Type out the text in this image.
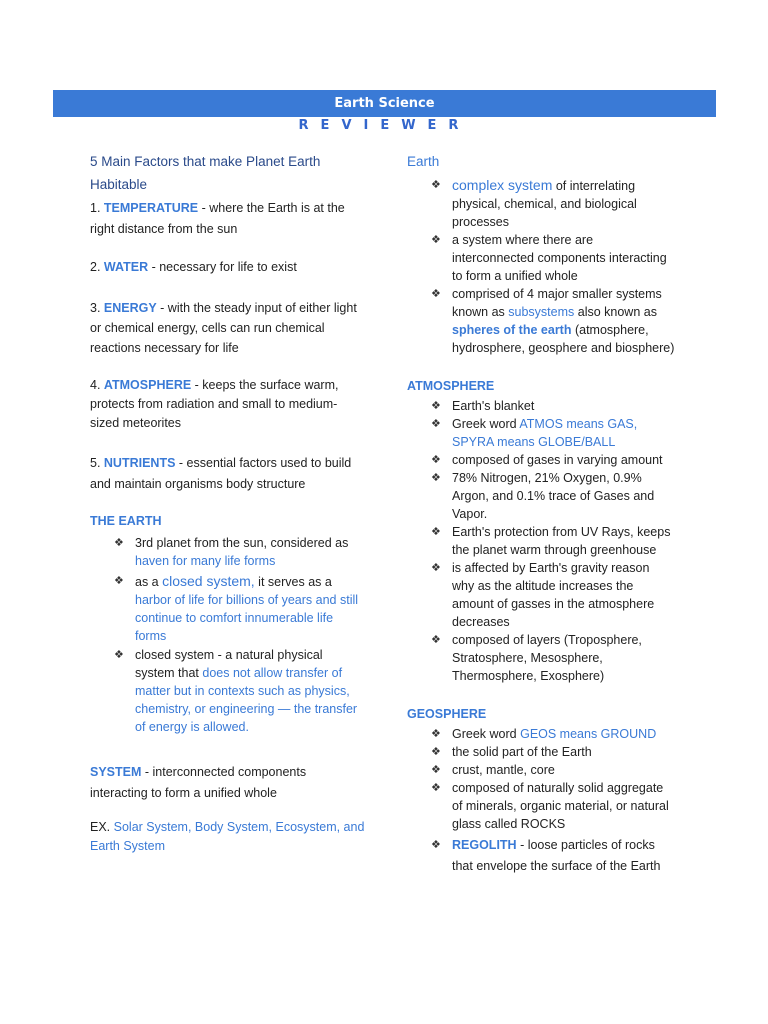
Earth Science
REVIEWER
5 Main Factors that make Planet Earth
Habitable

1. TEMPERATURE - where the Earth is at the right distance from the sun

2. WATER - necessary for life to exist

3. ENERGY - with the steady input of either light or chemical energy, cells can run chemical reactions necessary for life

4. ATMOSPHERE - keeps the surface warm, protects from radiation and small to medium-sized meteorites

5. NUTRIENTS - essential factors used to build and maintain organisms body structure

THE EARTH
❖ 3rd planet from the sun, considered as haven for many life forms
❖ as a closed system, it serves as a harbor of life for billions of years and still continue to comfort innumerable life forms
❖ closed system - a natural physical system that does not allow transfer of matter but in contexts such as physics, chemistry, or engineering — the transfer of energy is allowed.

SYSTEM - interconnected components interacting to form a unified whole

EX. Solar System, Body System, Ecosystem, and Earth System

Earth
❖ complex system of interrelating physical, chemical, and biological processes
❖ a system where there are interconnected components interacting to form a unified whole
❖ comprised of 4 major smaller systems known as subsystems also known as spheres of the earth (atmosphere, hydrosphere, geosphere and biosphere)
ATMOSPHERE
❖ Earth's blanket
❖ Greek word ATMOS means GAS, SPYRA means GLOBE/BALL
❖ composed of gases in varying amount
❖ 78% Nitrogen, 21% Oxygen, 0.9% Argon, and 0.1% trace of Gases and Vapor.
❖ Earth's protection from UV Rays, keeps the planet warm through greenhouse
❖ is affected by Earth's gravity reason why as the altitude increases the amount of gasses in the atmosphere decreases
❖ composed of layers (Troposphere, Stratosphere, Mesosphere, Thermosphere, Exosphere)
GEOSPHERE
❖ Greek word GEOS means GROUND
❖ the solid part of the Earth
❖ crust, mantle, core
❖ composed of naturally solid aggregate of minerals, organic material, or natural glass called ROCKS
❖ REGOLITH - loose particles of rocks that envelope the surface of the Earth
